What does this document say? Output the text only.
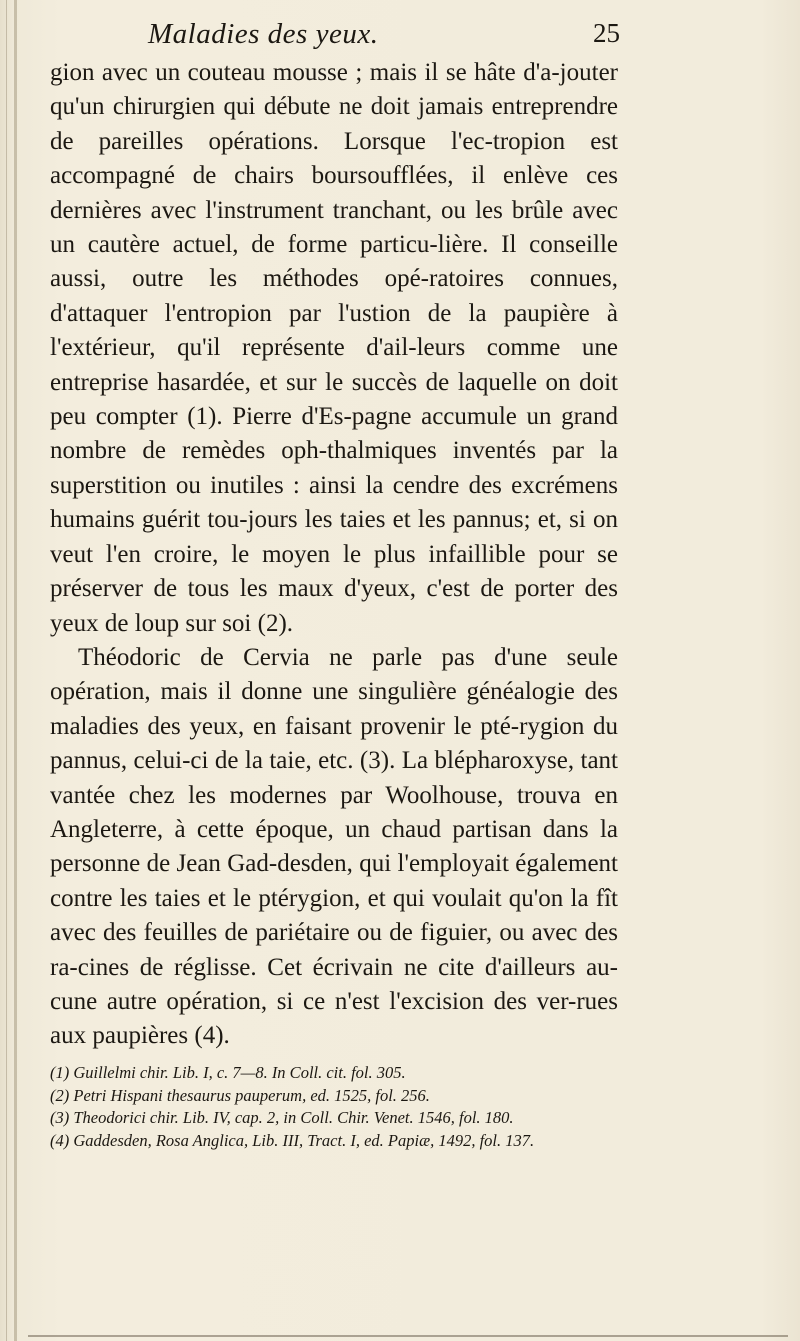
Maladies des yeux.	25

gion avec un couteau mousse ; mais il se hâte d'a-jouter qu'un chirurgien qui débute ne doit jamais entreprendre de pareilles opérations. Lorsque l'ec-tropion est accompagné de chairs boursoufflées, il enlève ces dernières avec l'instrument tranchant, ou les brûle avec un cautère actuel, de forme particu-lière. Il conseille aussi, outre les méthodes opé-ratoires connues, d'attaquer l'entropion par l'ustion de la paupière à l'extérieur, qu'il représente d'ail-leurs comme une entreprise hasardée, et sur le succès de laquelle on doit peu compter (1). Pierre d'Es-pagne accumule un grand nombre de remèdes oph-thalmiques inventés par la superstition ou inutiles : ainsi la cendre des excrémens humains guérit tou-jours les taies et les pannus; et, si on veut l'en croire, le moyen le plus infaillible pour se préserver de tous les maux d'yeux, c'est de porter des yeux de loup sur soi (2).

Théodoric de Cervia ne parle pas d'une seule opération, mais il donne une singulière généalogie des maladies des yeux, en faisant provenir le pté-rygion du pannus, celui-ci de la taie, etc. (3). La blépharoxyse, tant vantée chez les modernes par Woolhouse, trouva en Angleterre, à cette époque, un chaud partisan dans la personne de Jean Gad-desden, qui l'employait également contre les taies et le ptérygion, et qui voulait qu'on la fît avec des feuilles de pariétaire ou de figuier, ou avec des ra-cines de réglisse. Cet écrivain ne cite d'ailleurs au-cune autre opération, si ce n'est l'excision des ver-rues aux paupières (4).

(1) Guillelmi chir. Lib. I, c. 7—8. In Coll. cit. fol. 305.
(2) Petri Hispani thesaurus pauperum, ed. 1525, fol. 256.
(3) Theodorici chir. Lib. IV, cap. 2, in Coll. Chir. Venet. 1546, fol. 180.
(4) Gaddesden, Rosa Anglica, Lib. III, Tract. I, ed. Papiæ, 1492, fol. 137.
